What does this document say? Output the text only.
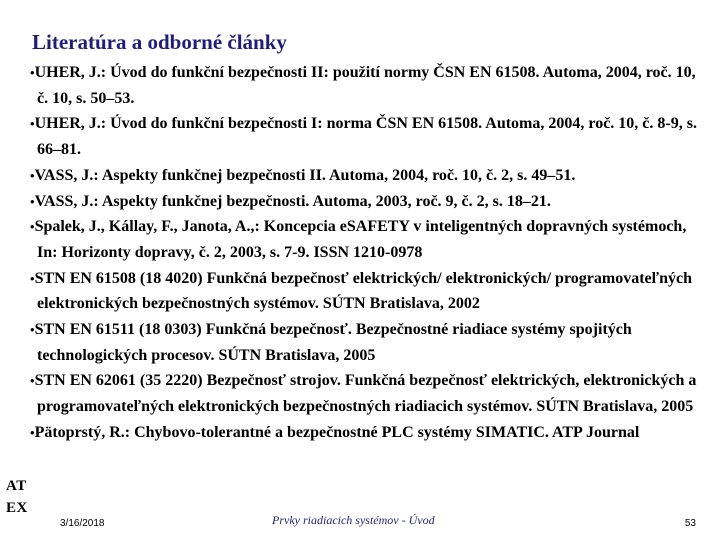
Literatúra a odborné články
•UHER, J.: Úvod do funkční bezpečnosti II: použití normy ČSN EN 61508. Automa, 2004, roč. 10, č. 10, s. 50–53.
•UHER, J.: Úvod do funkční bezpečnosti I: norma ČSN EN 61508. Automa, 2004, roč. 10, č. 8-9, s. 66–81.
•VASS, J.: Aspekty funkčnej bezpečnosti II. Automa, 2004, roč. 10, č. 2, s. 49–51.
•VASS, J.: Aspekty funkčnej bezpečnosti. Automa, 2003, roč. 9, č. 2, s. 18–21.
•Spalek, J., Kállay, F., Janota, A.,: Koncepcia eSAFETY v inteligentných dopravných systémoch, In: Horizonty dopravy, č. 2, 2003, s. 7-9. ISSN 1210-0978
•STN EN 61508 (18 4020) Funkčná bezpečnosť elektrických/ elektronických/ programovateľných elektronických bezpečnostných systémov. SÚTN Bratislava, 2002
•STN EN 61511 (18 0303) Funkčná bezpečnosť. Bezpečnostné riadiace systémy spojitých technologických procesov. SÚTN Bratislava, 2005
•STN EN 62061 (35 2220) Bezpečnosť strojov. Funkčná bezpečnosť elektrických, elektronických a programovateľných elektronických bezpečnostných riadiacich systémov. SÚTN Bratislava, 2005
•Pätoprstý, R.: Chybovo-tolerantné a bezpečnostné PLC systémy SIMATIC. ATP Journal
AT
EX
3/16/2018	Prvky riadiacich systémov - Úvod	53
